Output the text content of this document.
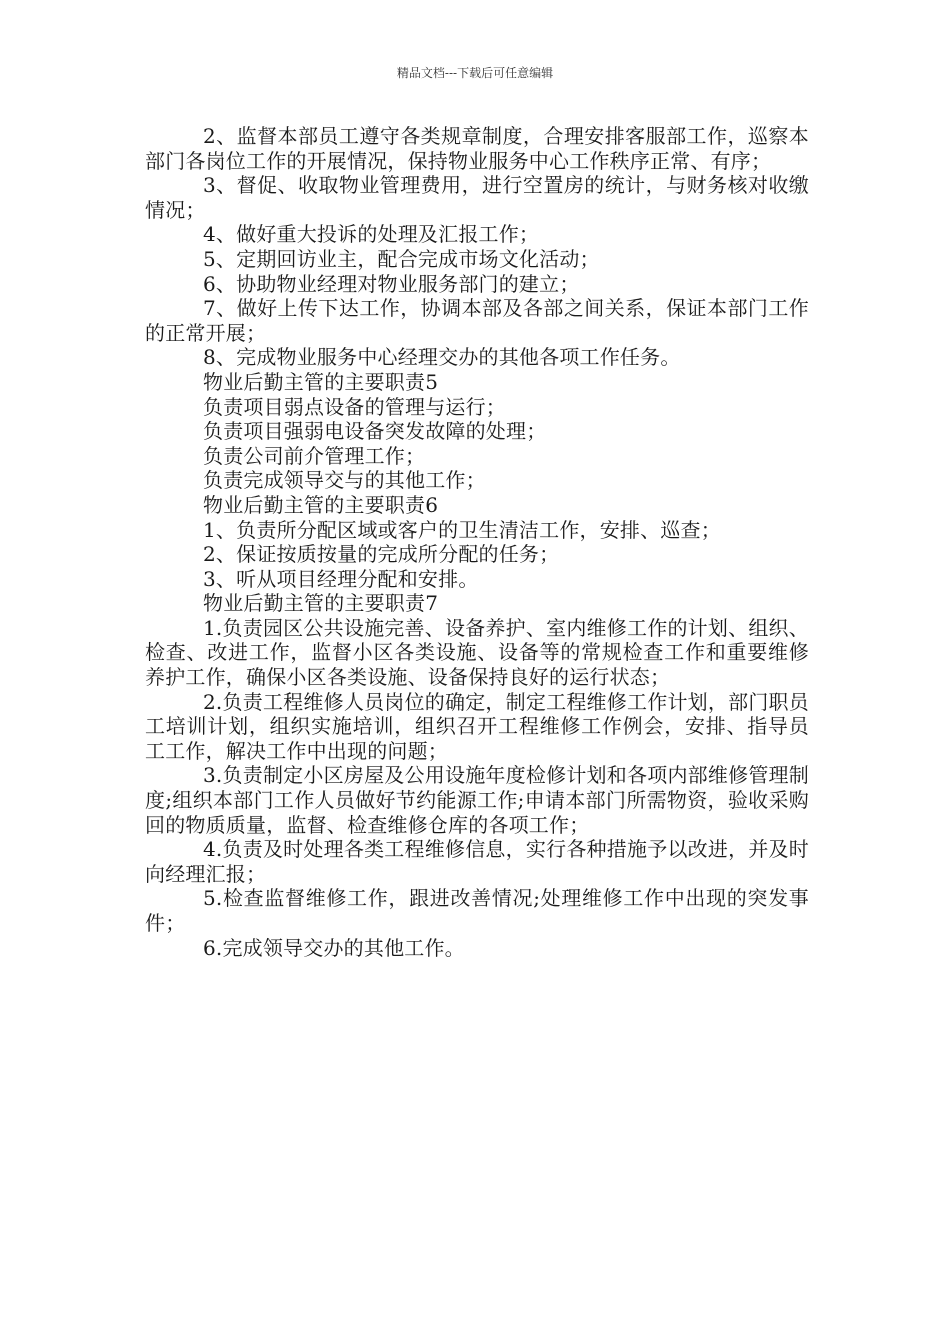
精品文档---下载后可任意编辑

2、监督本部员工遵守各类规章制度，合理安排客服部工作，巡察本部门各岗位工作的开展情况，保持物业服务中心工作秩序正常、有序；

3、督促、收取物业管理费用，进行空置房的统计，与财务核对收缴情况；

4、做好重大投诉的处理及汇报工作；

5、定期回访业主，配合完成市场文化活动；

6、协助物业经理对物业服务部门的建立；

7、做好上传下达工作，协调本部及各部之间关系，保证本部门工作的正常开展；

8、完成物业服务中心经理交办的其他各项工作任务。

物业后勤主管的主要职责5

负责项目弱点设备的管理与运行；

负责项目强弱电设备突发故障的处理；

负责公司前介管理工作；

负责完成领导交与的其他工作；

物业后勤主管的主要职责6

1、负责所分配区域或客户的卫生清洁工作，安排、巡查；

2、保证按质按量的完成所分配的任务；

3、听从项目经理分配和安排。

物业后勤主管的主要职责7

1.负责园区公共设施完善、设备养护、室内维修工作的计划、组织、检查、改进工作，监督小区各类设施、设备等的常规检查工作和重要维修养护工作，确保小区各类设施、设备保持良好的运行状态；

2.负责工程维修人员岗位的确定，制定工程维修工作计划，部门职员工培训计划，组织实施培训，组织召开工程维修工作例会，安排、指导员工工作，解决工作中出现的问题；

3.负责制定小区房屋及公用设施年度检修计划和各项内部维修管理制度;组织本部门工作人员做好节约能源工作;申请本部门所需物资，验收采购回的物质质量，监督、检查维修仓库的各项工作；

4.负责及时处理各类工程维修信息，实行各种措施予以改进，并及时向经理汇报；

5.检查监督维修工作，跟进改善情况;处理维修工作中出现的突发事件；

6.完成领导交办的其他工作。
